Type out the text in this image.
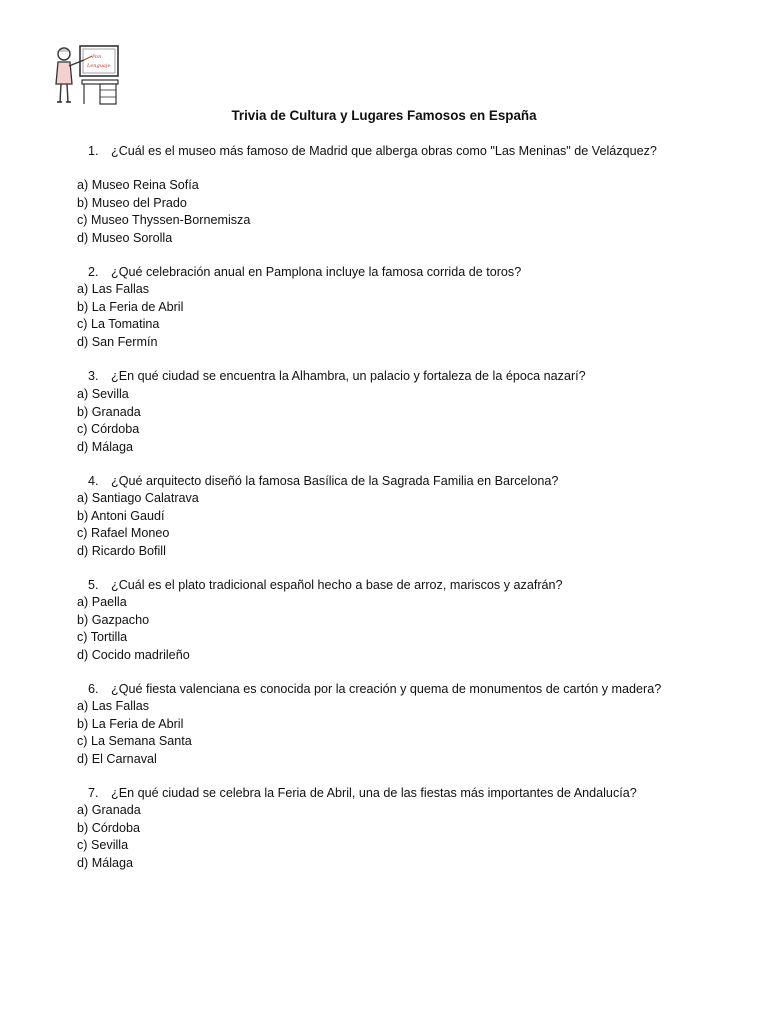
Pon
Lenguaje
Trivia de Cultura y Lugares Famosos en España
1. ¿Cuál es el museo más famoso de Madrid que alberga obras como "Las Meninas" de Velázquez?
a) Museo Reina Sofía
b) Museo del Prado
c) Museo Thyssen-Bornemisza
d) Museo Sorolla
2. ¿Qué celebración anual en Pamplona incluye la famosa corrida de toros?
a) Las Fallas
b) La Feria de Abril
c) La Tomatina
d) San Fermín
3. ¿En qué ciudad se encuentra la Alhambra, un palacio y fortaleza de la época nazarí?
a) Sevilla
b) Granada
c) Córdoba
d) Málaga
4. ¿Qué arquitecto diseñó la famosa Basílica de la Sagrada Familia en Barcelona?
a) Santiago Calatrava
b) Antoni Gaudí
c) Rafael Moneo
d) Ricardo Bofill
5. ¿Cuál es el plato tradicional español hecho a base de arroz, mariscos y azafrán?
a) Paella
b) Gazpacho
c) Tortilla
d) Cocido madrileño
6. ¿Qué fiesta valenciana es conocida por la creación y quema de monumentos de cartón y madera?
a) Las Fallas
b) La Feria de Abril
c) La Semana Santa
d) El Carnaval
7. ¿En qué ciudad se celebra la Feria de Abril, una de las fiestas más importantes de Andalucía?
a) Granada
b) Córdoba
c) Sevilla
d) Málaga
